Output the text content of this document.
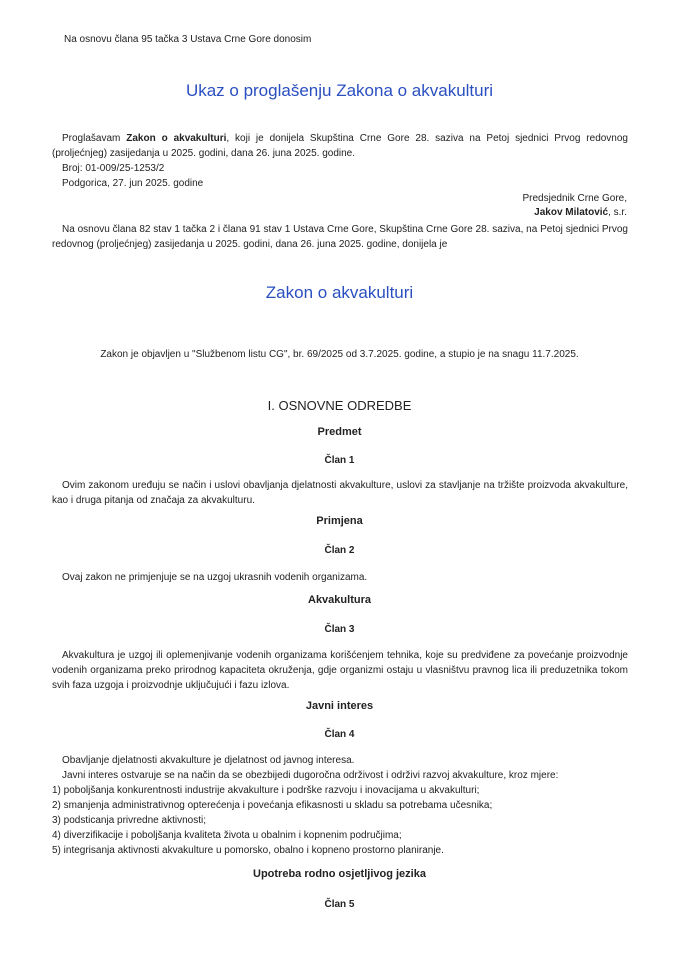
Na osnovu člana 95 tačka 3 Ustava Crne Gore donosim
Ukaz o proglašenju Zakona o akvakulturi
Proglašavam Zakon o akvakulturi, koji je donijela Skupština Crne Gore 28. saziva na Petoj sjednici Prvog redovnog (proljećnjeg) zasijedanja u 2025. godini, dana 26. juna 2025. godine.
Broj: 01-009/25-1253/2
Podgorica, 27. jun 2025. godine
Predsjednik Crne Gore,
Jakov Milatović, s.r.
Na osnovu člana 82 stav 1 tačka 2 i člana 91 stav 1 Ustava Crne Gore, Skupština Crne Gore 28. saziva, na Petoj sjednici Prvog redovnog (proljećnjeg) zasijedanja u 2025. godini, dana 26. juna 2025. godine, donijela je
Zakon o akvakulturi
Zakon je objavljen u "Službenom listu CG", br. 69/2025 od 3.7.2025. godine, a stupio je na snagu 11.7.2025.
I. OSNOVNE ODREDBE
Predmet
Član 1
Ovim zakonom uređuju se način i uslovi obavljanja djelatnosti akvakulture, uslovi za stavljanje na tržište proizvoda akvakulture, kao i druga pitanja od značaja za akvakulturu.
Primjena
Član 2
Ovaj zakon ne primjenjuje se na uzgoj ukrasnih vodenih organizama.
Akvakultura
Član 3
Akvakultura je uzgoj ili oplemenjivanje vodenih organizama korišćenjem tehnika, koje su predviđene za povećanje proizvodnje vodenih organizama preko prirodnog kapaciteta okruženja, gdje organizmi ostaju u vlasništvu pravnog lica ili preduzetnika tokom svih faza uzgoja i proizvodnje uključujući i fazu izlova.
Javni interes
Član 4
Obavljanje djelatnosti akvakulture je djelatnost od javnog interesa.
Javni interes ostvaruje se na način da se obezbijedi dugoročna održivost i održivi razvoj akvakulture, kroz mjere:
1) poboljšanja konkurentnosti industrije akvakulture i podrške razvoju i inovacijama u akvakulturi;
2) smanjenja administrativnog opterećenja i povećanja efikasnosti u skladu sa potrebama učesnika;
3) podsticanja privredne aktivnosti;
4) diverzifikacije i poboljšanja kvaliteta života u obalnim i kopnenim područjima;
5) integrisanja aktivnosti akvakulture u pomorsko, obalno i kopneno prostorno planiranje.
Upotreba rodno osjetljivog jezika
Član 5
